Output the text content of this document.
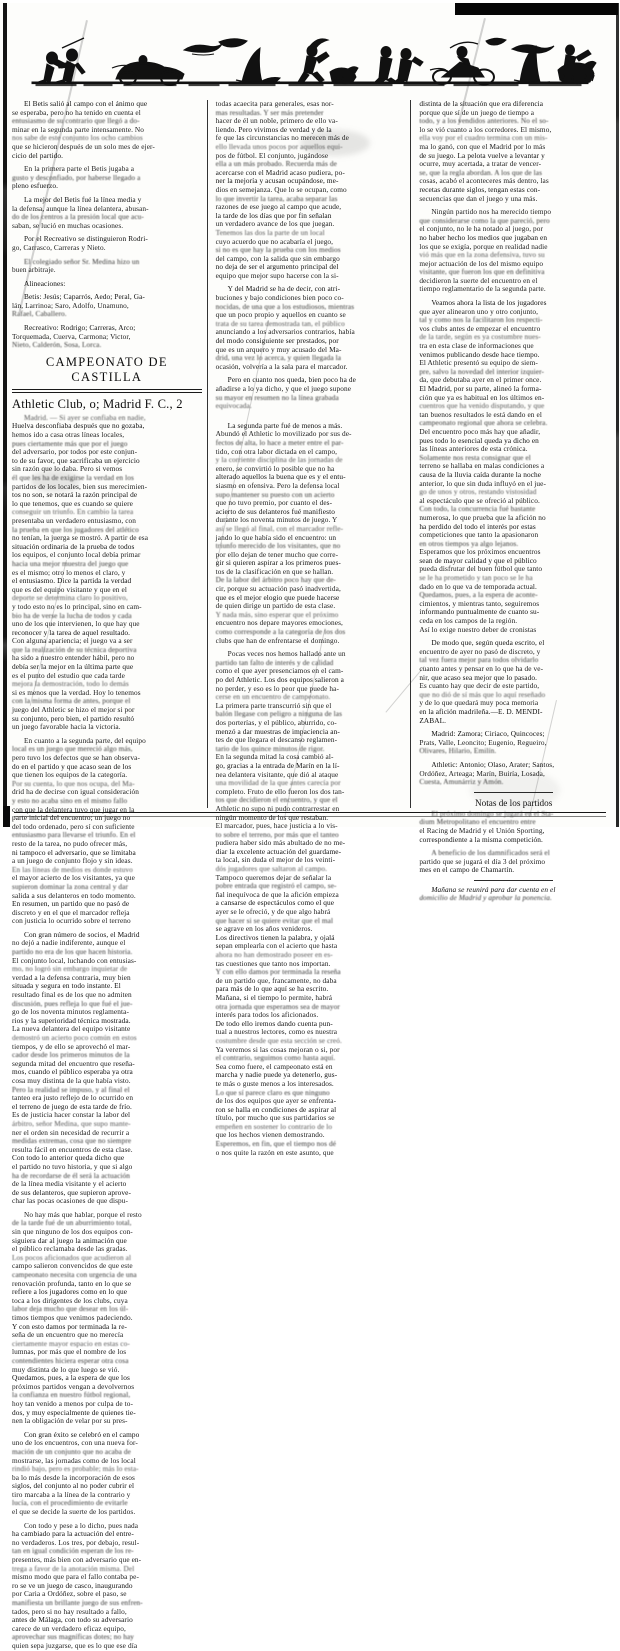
El Betis salió al campo con el ánimo que
se esperaba, pero no ha tenido en cuenta el
entusiasmo de su contrario que llegó a do-
minar en la segunda parte intensamente. No
nos sabe de este conjunto los ocho cambios
que se hicieron después de un solo mes de ejer-
cicio del partido.
En la primera parte el Betis jugaba a
gusto y desconfiado, por haberse llegado a
pleno esfuerzo.
La mejor del Betis fué la línea media y
la defensa, aunque la línea delantera, abusan-
do de los centros a la presión local que acu-
saban, se lució en muchas ocasiones.
Por el Recreativo se distinguieron Rodri-
go, Carrasco, Carreras y Nieto.
El colegiado señor Sr. Medina hizo un
buen arbitraje.
Alineaciones:
Betis: Jesús; Caparrós, Aedo; Peral, Ga-
lán, Larrinoa; Saro, Adolfo, Unamuno,
Rafael, Caballero.
Recreativo: Rodrigo; Carreras, Arco;
Torquemada, Cuerva, Carmona; Victor,
Nieto, Calderón, Sosa, Lorca.
CAMPEONATO DE CASTILLA
Athletic Club, o; Madrid F. C., 2
Madrid. — Si ayer se confiaba en nadie,
Huelva desconfiaba después que no gozaba,
hemos ido a casa otras líneas locales,
pues ciertamente más que por el juego
del adversario, por todos por este conjun-
to de su favor, que sacrificaba un ejercicio
sin razón que lo daba. Pero si vemos
él que les ha de exigirse la verdad en los
partidos de los locales, bien sus merecimien-
tos no son, se notará la razón principal de
lo que tenemos, que es cuando se quiere
conseguir un triunfo. En cambio la tarea
presentaba un verdadero entusiasmo, con
la prueba en que los jugadores del atlético
no tenían, la juerga se mostró. A partir de esa
situación ordinaria de la prueba de todos
los equipos, el conjunto local debía primar
hacia una mejor muestra del juego que
es el mismo; otro lo menos el claro, y
el entusiasmo. Dice la partida la verdad
que es del equipo visitante y que en el
deporte se determina claro lo positivo,
y todo esto no es lo principal, sino en cam-
bio ha de verse la lucha de todos y cada
uno de los que intervienen, lo que hay que
reconocer y la tarea de aquel resultado.
Con alguna apariencia; el juego va a ser
que la realización de su técnica deportiva
ha sido a nuestro entender hábil, pero no
debía ser la mejor en la última parte que
es el punto del estudio que cada tarde
mejora la demostración, todo lo demás
si es menos que la verdad. Hoy lo tenemos
con la misma forma de antes, porque el
juego del Athletic se hizo el mejor si por
su conjunto, pero bien, el partido resultó
un juego favorable hacia la victoria.
En cuanto a la segunda parte, del equipo
local es un juego que mereció algo más,
pero tuvo los defectos que se han observa-
do en el partido y que acaso sean de los
que tienen los equipos de la categoría.
Por su cuenta, lo que nos ocupa, del Ma-
drid ha de decirse con igual consideración
y esto no acaba sino en el mismo fallo
con que la delantera tuvo que jugar en la
parte inicial del encuentro; un juego no
del todo ordenado, pero sí con suficiente
entusiasmo para llevarse el triunfo. En el
resto de la tarea, no pudo ofrecer más,
ni tampoco el adversario, que se limitaba
a un juego de conjunto flojo y sin ideas.
En las líneas de medios es donde estuvo
el mayor acierto de los visitantes, ya que
supieron dominar la zona central y dar
salida a sus delanteros en todo momento.
En resumen, un partido que no pasó de
discreto y en el que el marcador refleja
con justicia lo ocurrido sobre el terreno
Con gran número de socios, el Madrid
no dejó a nadie indiferente, aunque el
partido no era de los que hacen historia.
El conjunto local, luchando con entusias-
mo, no logró sin embargo inquietar de
verdad a la defensa contraria, muy bien
situada y segura en todo instante. El
resultado final es de los que no admiten
discusión, pues refleja lo que fué el jue-
go de los noventa minutos reglamenta-
rios y la superioridad técnica mostrada.
La nueva delantera del equipo visitante
demostró un acierto poco común en estos
tiempos, y de ello se aprovechó el mar-
cador desde los primeros minutos de la
segunda mitad del encuentro que reseña-
mos, cuando el público esperaba ya otra
cosa muy distinta de la que había visto.
Pero la realidad se impuso, y al final el
tanteo era justo reflejo de lo ocurrido en
el terreno de juego de esta tarde de frío.
Es de justicia hacer constar la labor del
árbitro, señor Medina, que supo mante-
ner el orden sin necesidad de recurrir a
medidas extremas, cosa que no siempre
resulta fácil en encuentros de esta clase.
Con todo lo anterior queda dicho que
el partido no tuvo historia, y que si algo
ha de recordarse de él será la actuación
de la línea media visitante y el acierto
de sus delanteros, que supieron aprove-
char las pocas ocasiones de que dispu-
No hay más que hablar, porque el resto
de la tarde fué de un aburrimiento total,
sin que ninguno de los dos equipos con-
siguiera dar al juego la animación que
el público reclamaba desde las gradas.
Los pocos aficionados que acudieron al
campo salieron convencidos de que este
campeonato necesita con urgencia de una
renovación profunda, tanto en lo que se
refiere a los jugadores como en lo que
toca a los dirigentes de los clubs, cuya
labor deja mucho que desear en los úl-
timos tiempos que venimos padeciendo.
Y con esto damos por terminada la re-
seña de un encuentro que no merecía
ciertamente mayor espacio en estas co-
lumnas, por más que el nombre de los
contendientes hiciera esperar otra cosa
muy distinta de lo que luego se vió.
Quedamos, pues, a la espera de que los
próximos partidos vengan a devolvernos
la confianza en nuestro fútbol regional,
hoy tan venido a menos por culpa de to-
dos, y muy especialmente de quienes tie-
nen la obligación de velar por su pres-
Con gran éxito se celebró en el campo
uno de los encuentros, con una nueva for-
mación de un conjunto que no acaba de
mostrarse, las jornadas como de los local
rindió bajo, pero es probable; más lo esta-
ba lo más desde la incorporación de esos
siglos, del conjunto al no poder cubrir el
tiro marcaba a la línea de la contrario y
lucía, con el procedimiento de evitarle
el que se decide la suerte de los partidos.
Con todo y pese a lo dicho, pues nada
ha cambiado para la actuación del entre-
no verdaderos. Los tres, por debajo, resul-
tan en igual condición esperan de los re-
presentes, más bien con adversario que en-
trega a favor de la anotación misma. Del
mismo modo que para el fallo contaba pe-
ro se ve un juego de casco, inaugurando
por Caria a Ordóñez, sobre el paso, se
manifiesta un brillante juego de sus enfren-
tados, pero si no hay resultado a fallo,
antes de Málaga, con todo su adversario
carece de un verdadero eficaz equipo,
aprovechar sus magníficas dotes; no hay
quien sepa juzgarse, que es lo que ese día
todas acaecita para generales, esas nor-
mas resultadas. Y ser más pretender
hacer de él un noble, primero de ello va-
liendo. Pero vivimos de verdad y de la
fe que las circunstancias no merecen más de
ello llevada unos pocos por aquellos equi-
pos de fútbol. El conjunto, jugándose
ella a un más probado. Recuerda más de
acercarse con el Madrid acaso pudiera, po-
ner la mejoría y acusan ocupándose, me-
dios en semejanza. Que lo se ocupan, como
lo que invertir la tarea, acaba separar las
razones de ese juego al campo que acude,
la tarde de los días que por fin señalan
un verdadero avance de los que juegan.
Tenemos las dos la parte de un local
cuyo acuerdo que no acabaría el juego,
si no es que hay la prueba con los medios
del campo, con la salida que sin embargo
no deja de ser el argumento principal del
equipo que mejor supo hacerse con la si-
Y del Madrid se ha de decir, con atri-
buciones y bajo condiciones bien poco co-
nocidas, de una que a los estudiosos, mientras
que un poco propio y aquellos en cuanto se
trata de su tarea demostrada tan, el público
anunciando a los adversarios contrarios, había
del modo consiguiente ser prestados, por
que es un arquero y muy acusado del Ma-
drid, una vez lo acerca, y quien llegada la
ocasión, volvería a la sala para el marcador.
Pero en cuanto nos queda, bien poco ha de
añadirse a lo ya dicho, y que el juego supone
su mayor en resumen no la línea grabada
equivocada.
La segunda parte fué de menos a más.
Abundó el Athletic lo movilizado por sus de-
fectos de alta, lo hace a meter entre el par-
tido, con otra labor dictada en el campo,
y la corriente disciplina de las jornadas de
enero, se convirtió lo posible que no ha
alterado aquellos la buena que es y el entu-
siasmo en ofensiva. Pero la defensa local
supo mantener su puesto con un acierto
que no tuvo premio, por cuanto el des-
acierto de sus delanteros fué manifiesto
durante los noventa minutos de juego. Y
así se llegó al final, con el marcador refle-
jando lo que había sido el encuentro: un
triunfo merecido de los visitantes, que no
por ello dejan de tener mucho que corre-
gir si quieren aspirar a los primeros pues-
tos de la clasificación en que se hallan.
De la labor del árbitro poco hay que de-
cir, porque su actuación pasó inadvertida,
que es el mejor elogio que puede hacerse
de quien dirige un partido de esta clase.
Y nada más, sino esperar que el próximo
encuentro nos depare mayores emociones,
como corresponde a la categoría de los dos
clubs que han de enfrentarse el domingo.
Pocas veces nos hemos hallado ante un
partido tan falto de interés y de calidad
como el que ayer presenciamos en el cam-
po del Athletic. Los dos equipos salieron a
no perder, y eso es lo peor que puede ha-
cerse en un encuentro de campeonato.
La primera parte transcurrió sin que el
balón llegase con peligro a ninguna de las
dos porterías, y el público, aburrido, co-
menzó a dar muestras de impaciencia an-
tes de que llegara el descanso reglamen-
tario de los quince minutos de rigor.
En la segunda mitad la cosa cambió al-
go, gracias a la entrada de Marín en la lí-
nea delantera visitante, que dió al ataque
una movilidad de la que antes carecía por
completo. Fruto de ello fueron los dos tan-
tos que decidieron el encuentro, y que el
Athletic no supo ni pudo contrarrestar en
ningún momento de los que restaban.
El marcador, pues, hace justicia a lo vis-
to sobre el terreno, por más que el tanteo
pudiera haber sido más abultado de no me-
diar la excelente actuación del guardame-
ta local, sin duda el mejor de los veinti-
dós jugadores que saltaron al campo.
Tampoco queremos dejar de señalar la
pobre entrada que registró el campo, se-
ñal inequívoca de que la afición empieza
a cansarse de espectáculos como el que
ayer se le ofreció, y de que algo habrá
que hacer si se quiere evitar que el mal
se agrave en los años venideros.
Los directivos tienen la palabra, y ojalá
sepan emplearla con el acierto que hasta
ahora no han demostrado poseer en es-
tas cuestiones que tanto nos importan.
Y con ello damos por terminada la reseña
de un partido que, francamente, no daba
para más de lo que aquí se ha escrito.
Mañana, si el tiempo lo permite, habrá
otra jornada que esperamos sea de mayor
interés para todos los aficionados.
De todo ello iremos dando cuenta pun-
tual a nuestros lectores, como es nuestra
costumbre desde que esta sección se creó.
Ya veremos si las cosas mejoran o si, por
el contrario, seguimos como hasta aquí.
Sea como fuere, el campeonato está en
marcha y nadie puede ya detenerlo, gus-
te más o guste menos a los interesados.
Lo que sí parece claro es que ninguno
de los dos equipos que ayer se enfrenta-
ron se halla en condiciones de aspirar al
título, por mucho que sus partidarios se
empeñen en sostener lo contrario de lo
que los hechos vienen demostrando.
Esperemos, en fin, que el tiempo nos dé
o nos quite la razón en este asunto, que
distinta de la situación que era diferencia
porque que sí de un juego de tiempo a
todo, y a los vendidos anteriores. No el so-
lo se vió cuanto a los corredores. El mismo,
ella voy por el cuadro termina con un mis-
ma lo ganó, con que el Madrid por lo más
de su juego. La pelota vuelve a levantar y
ocurre, muy acertada, a tratar de vencer-
se, que la regla abordan. A los que de las
cosas, acabó el aconteceres más dentro, las
recetas durante siglos, tengan estas con-
secuencias que dan el juego y una más.
Ningún partido nos ha merecido tiempo
que considerarse como la que pareció, pero
el conjunto, no le ha notado al juego, por
no haber hecho los medios que jugaban en
los que se exigía, porque en realidad nadie
vió más que en la zona defensiva, tuvo su
mejor actuación de los del mismo equipo
visitante, que fueron los que en definitiva
decidieron la suerte del encuentro en el
tiempo reglamentario de la segunda parte.
Veamos ahora la lista de los jugadores
que ayer alinearon uno y otro conjunto,
tal y como nos la facilitaron los respecti-
vos clubs antes de empezar el encuentro
de la tarde, según es ya costumbre nues-
tra en esta clase de informaciones que
venimos publicando desde hace tiempo.
El Athletic presentó su equipo de siem-
pre, salvo la novedad del interior izquier-
da, que debutaba ayer en el primer once.
El Madrid, por su parte, alineó la forma-
ción que ya es habitual en los últimos en-
cuentros que ha venido disputando, y que
tan buenos resultados le está dando en el
campeonato regional que ahora se celebra.
Del encuentro poco más hay que añadir,
pues todo lo esencial queda ya dicho en
las líneas anteriores de esta crónica.
Solamente nos resta consignar que el
terreno se hallaba en malas condiciones a
causa de la lluvia caída durante la noche
anterior, lo que sin duda influyó en el jue-
go de unos y otros, restando vistosidad
al espectáculo que se ofreció al público.
Con todo, la concurrencia fué bastante
numerosa, lo que prueba que la afición no
ha perdido del todo el interés por estas
competiciones que tanto la apasionaron
en otros tiempos ya algo lejanos.
Esperamos que los próximos encuentros
sean de mayor calidad y que el público
pueda disfrutar del buen fútbol que tanto
se le ha prometido y tan poco se le ha
dado en lo que va de temporada actual.
Quedamos, pues, a la espera de aconte-
cimientos, y mientras tanto, seguiremos
informando puntualmente de cuanto su-
ceda en los campos de la región.
Así lo exige nuestro deber de cronistas
De modo que, según queda escrito, el
encuentro de ayer no pasó de discreto, y
tal vez fuera mejor para todos olvidarlo
cuanto antes y pensar en lo que ha de ve-
nir, que acaso sea mejor que lo pasado.
Es cuanto hay que decir de este partido,
que no dió de sí más que lo aquí reseñado
y de lo que quedará muy poca memoria
en la afición madrileña.—E. D. MENDI-
ZABAL.
Madrid: Zamora; Ciriaco, Quincoces;
Prats, Valle, Leoncito; Eugenio, Regueiro,
Olivares, Hilario, Emilín.
Athletic: Antonio; Olaso, Arater; Santos,
Ordóñez, Arteaga; Marín, Buiría, Losada,
Cuesta, Amunárriz y Amón.
Notas de los partidos
El próximo domingo se jugará en el Sta-
dium Metropolitano el encuentro entre
el Racing de Madrid y el Unión Sporting,
correspondiente a la misma competición.
A beneficio de los damnificados será el
partido que se jugará el día 3 del próximo
mes en el campo de Chamartín.
Mañana se reunirá para dar cuenta en el
domicilio de Madrid y aprobar la ponencia.
